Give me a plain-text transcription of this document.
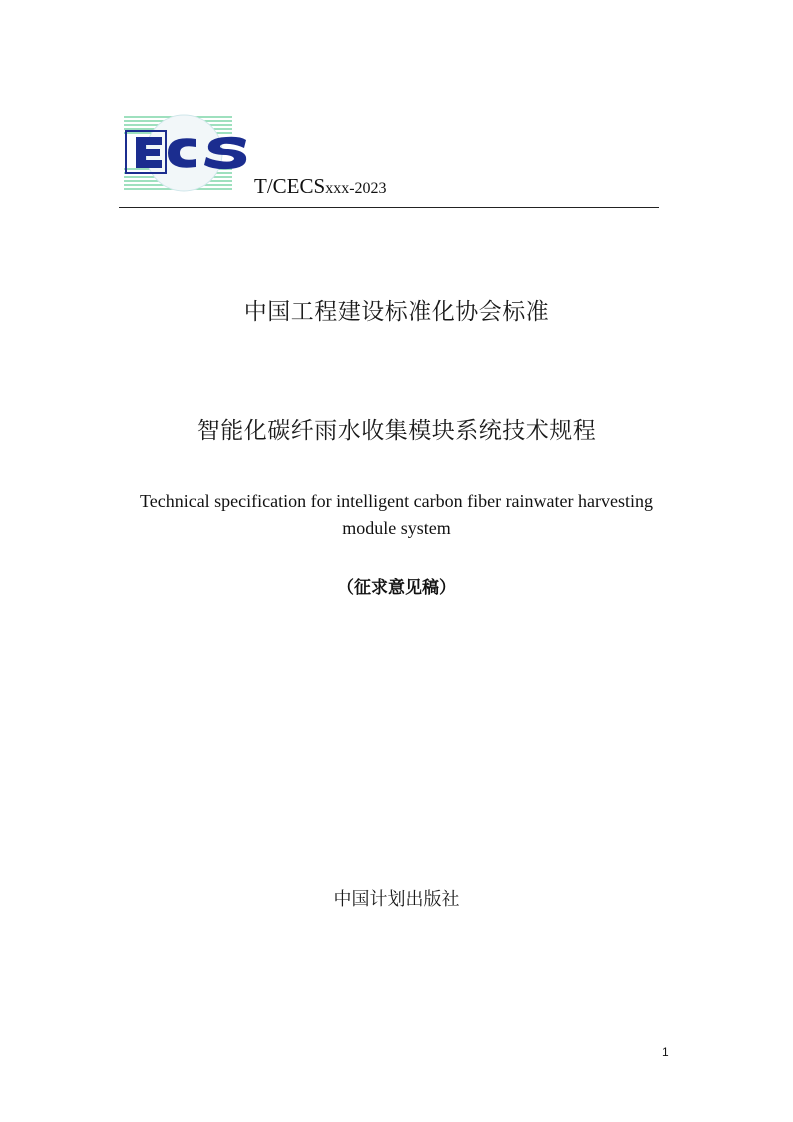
T/CECSxxx-2023
中国工程建设标准化协会标准
智能化碳纤雨水收集模块系统技术规程
Technical specification for intelligent carbon fiber rainwater harvesting module system
（征求意见稿）
中国计划出版社
1
